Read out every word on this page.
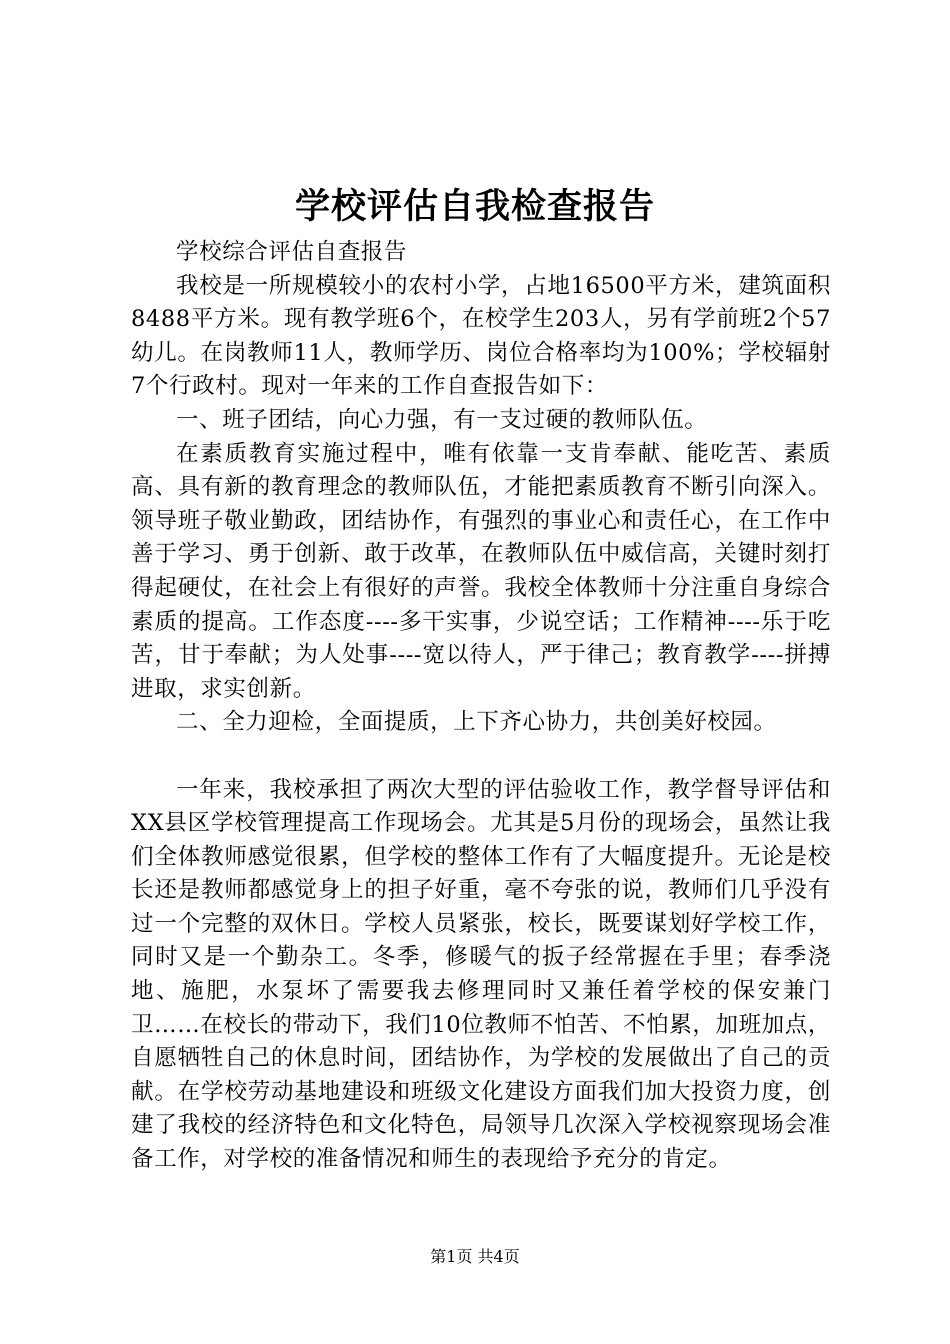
学校评估自我检查报告

学校综合评估自查报告

我校是一所规模较小的农村小学，占地16500平方米，建筑面积8488平方米。现有教学班6个，在校学生203人，另有学前班2个57幼儿。在岗教师11人，教师学历、岗位合格率均为100%；学校辐射7个行政村。现对一年来的工作自查报告如下：

一、班子团结，向心力强，有一支过硬的教师队伍。

在素质教育实施过程中，唯有依靠一支肯奉献、能吃苦、素质高、具有新的教育理念的教师队伍，才能把素质教育不断引向深入。领导班子敬业勤政，团结协作，有强烈的事业心和责任心，在工作中善于学习、勇于创新、敢于改革，在教师队伍中威信高，关键时刻打得起硬仗，在社会上有很好的声誉。我校全体教师十分注重自身综合素质的提高。工作态度----多干实事，少说空话；工作精神----乐于吃苦，甘于奉献；为人处事----宽以待人，严于律己；教育教学----拼搏进取，求实创新。

二、全力迎检，全面提质，上下齐心协力，共创美好校园。

一年来，我校承担了两次大型的评估验收工作，教学督导评估和XX县区学校管理提高工作现场会。尤其是5月份的现场会，虽然让我们全体教师感觉很累，但学校的整体工作有了大幅度提升。无论是校长还是教师都感觉身上的担子好重，毫不夸张的说，教师们几乎没有过一个完整的双休日。学校人员紧张，校长，既要谋划好学校工作，同时又是一个勤杂工。冬季，修暖气的扳子经常握在手里；春季浇地、施肥，水泵坏了需要我去修理同时又兼任着学校的保安兼门卫……在校长的带动下，我们10位教师不怕苦、不怕累，加班加点，自愿牺牲自己的休息时间，团结协作，为学校的发展做出了自己的贡献。在学校劳动基地建设和班级文化建设方面我们加大投资力度，创建了我校的经济特色和文化特色，局领导几次深入学校视察现场会准备工作，对学校的准备情况和师生的表现给予充分的肯定。

第1页 共4页
